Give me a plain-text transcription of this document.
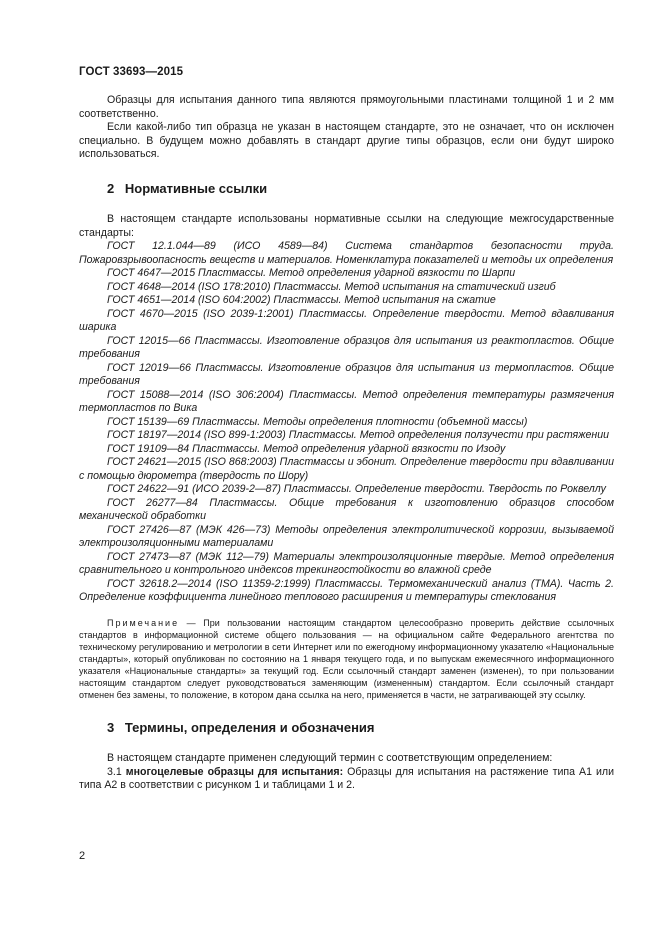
ГОСТ 33693—2015

Образцы для испытания данного типа являются прямоугольными пластинами толщиной 1 и 2 мм соответственно.

Если какой-либо тип образца не указан в настоящем стандарте, это не означает, что он исключен специально. В будущем можно добавлять в стандарт другие типы образцов, если они будут широко использоваться.

2 Нормативные ссылки

В настоящем стандарте использованы нормативные ссылки на следующие межгосударственные стандарты:

ГОСТ 12.1.044—89 (ИСО 4589—84) Система стандартов безопасности труда. Пожаровзрывоопасность веществ и материалов. Номенклатура показателей и методы их определения

ГОСТ 4647—2015 Пластмассы. Метод определения ударной вязкости по Шарпи

ГОСТ 4648—2014 (ISO 178:2010) Пластмассы. Метод испытания на статический изгиб

ГОСТ 4651—2014 (ISO 604:2002) Пластмассы. Метод испытания на сжатие

ГОСТ 4670—2015 (ISO 2039-1:2001) Пластмассы. Определение твердости. Метод вдавливания шарика

ГОСТ 12015—66 Пластмассы. Изготовление образцов для испытания из реактопластов. Общие требования

ГОСТ 12019—66 Пластмассы. Изготовление образцов для испытания из термопластов. Общие требования

ГОСТ 15088—2014 (ISO 306:2004) Пластмассы. Метод определения температуры размягчения термопластов по Вика

ГОСТ 15139—69 Пластмассы. Методы определения плотности (объемной массы)

ГОСТ 18197—2014 (ISO 899-1:2003) Пластмассы. Метод определения ползучести при растяжении

ГОСТ 19109—84 Пластмассы. Метод определения ударной вязкости по Изоду

ГОСТ 24621—2015 (ISO 868:2003) Пластмассы и эбонит. Определение твердости при вдавливании с помощью дюрометра (твердость по Шору)

ГОСТ 24622—91 (ИСО 2039-2—87) Пластмассы. Определение твердости. Твердость по Роквеллу

ГОСТ 26277—84 Пластмассы. Общие требования к изготовлению образцов способом механической обработки

ГОСТ 27426—87 (МЭК 426—73) Методы определения электролитической коррозии, вызываемой электроизоляционными материалами

ГОСТ 27473—87 (МЭК 112—79) Материалы электроизоляционные твердые. Метод определения сравнительного и контрольного индексов трекингостойкости во влажной среде

ГОСТ 32618.2—2014 (ISO 11359-2:1999) Пластмассы. Термомеханический анализ (ТМА). Часть 2. Определение коэффициента линейного теплового расширения и температуры стеклования

Примечание — При пользовании настоящим стандартом целесообразно проверить действие ссылочных стандартов в информационной системе общего пользования — на официальном сайте Федерального агентства по техническому регулированию и метрологии в сети Интернет или по ежегодному информационному указателю «Национальные стандарты», который опубликован по состоянию на 1 января текущего года, и по выпускам ежемесячного информационного указателя «Национальные стандарты» за текущий год. Если ссылочный стандарт заменен (изменен), то при пользовании настоящим стандартом следует руководствоваться заменяющим (измененным) стандартом. Если ссылочный стандарт отменен без замены, то положение, в котором дана ссылка на него, применяется в части, не затрагивающей эту ссылку.

3 Термины, определения и обозначения

В настоящем стандарте применен следующий термин с соответствующим определением:

3.1 многоцелевые образцы для испытания: Образцы для испытания на растяжение типа А1 или типа А2 в соответствии с рисунком 1 и таблицами 1 и 2.

2
